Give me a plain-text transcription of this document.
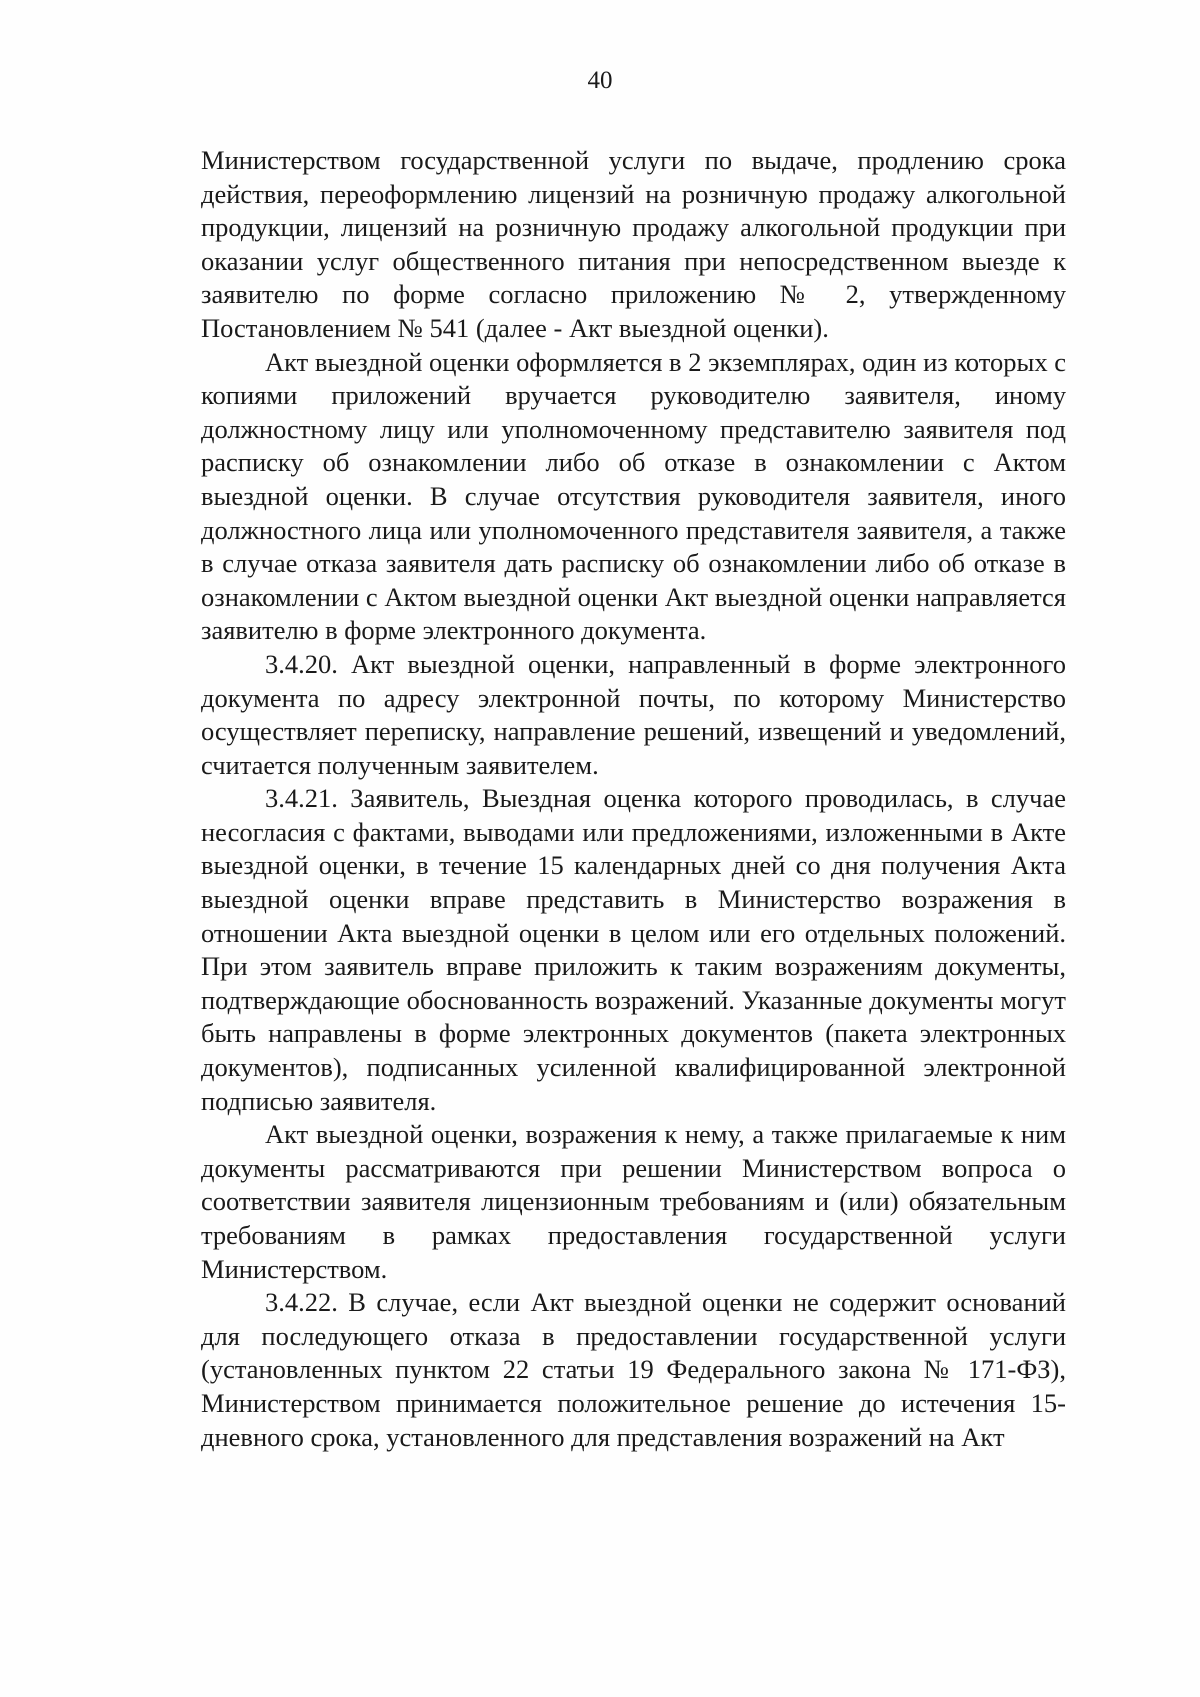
40

Министерством государственной услуги по выдаче, продлению срока действия, переоформлению лицензий на розничную продажу алкогольной продукции, лицензий на розничную продажу алкогольной продукции при оказании услуг общественного питания при непосредственном выезде к заявителю по форме согласно приложению № 2, утвержденному Постановлением № 541 (далее - Акт выездной оценки).

Акт выездной оценки оформляется в 2 экземплярах, один из которых с копиями приложений вручается руководителю заявителя, иному должностному лицу или уполномоченному представителю заявителя под расписку об ознакомлении либо об отказе в ознакомлении с Актом выездной оценки. В случае отсутствия руководителя заявителя, иного должностного лица или уполномоченного представителя заявителя, а также в случае отказа заявителя дать расписку об ознакомлении либо об отказе в ознакомлении с Актом выездной оценки Акт выездной оценки направляется заявителю в форме электронного документа.

3.4.20. Акт выездной оценки, направленный в форме электронного документа по адресу электронной почты, по которому Министерство осуществляет переписку, направление решений, извещений и уведомлений, считается полученным заявителем.

3.4.21. Заявитель, Выездная оценка которого проводилась, в случае несогласия с фактами, выводами или предложениями, изложенными в Акте выездной оценки, в течение 15 календарных дней со дня получения Акта выездной оценки вправе представить в Министерство возражения в отношении Акта выездной оценки в целом или его отдельных положений. При этом заявитель вправе приложить к таким возражениям документы, подтверждающие обоснованность возражений. Указанные документы могут быть направлены в форме электронных документов (пакета электронных документов), подписанных усиленной квалифицированной электронной подписью заявителя.

Акт выездной оценки, возражения к нему, а также прилагаемые к ним документы рассматриваются при решении Министерством вопроса о соответствии заявителя лицензионным требованиям и (или) обязательным требованиям в рамках предоставления государственной услуги Министерством.

3.4.22. В случае, если Акт выездной оценки не содержит оснований для последующего отказа в предоставлении государственной услуги (установленных пунктом 22 статьи 19 Федерального закона № 171-ФЗ), Министерством принимается положительное решение до истечения 15-дневного срока, установленного для представления возражений на Акт
